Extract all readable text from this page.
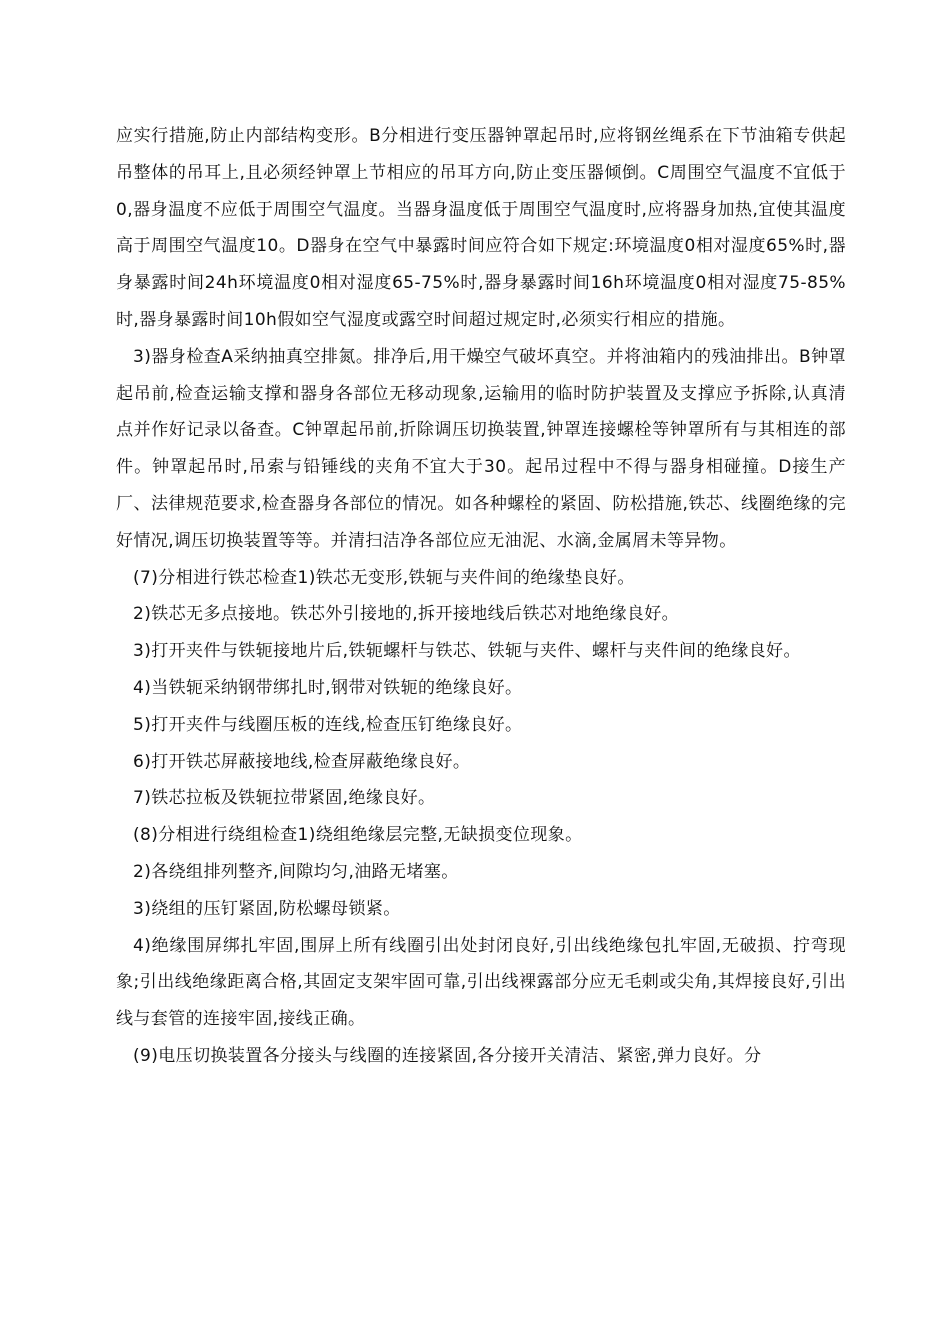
应实行措施,防止内部结构变形。B分相进行变压器钟罩起吊时,应将钢丝绳系在下节油箱专供起吊整体的吊耳上,且必须经钟罩上节相应的吊耳方向,防止变压器倾倒。C周围空气温度不宜低于0,器身温度不应低于周围空气温度。当器身温度低于周围空气温度时,应将器身加热,宜使其温度高于周围空气温度10。D器身在空气中暴露时间应符合如下规定:环境温度0相对湿度65%时,器身暴露时间24h环境温度0相对湿度65-75%时,器身暴露时间16h环境温度0相对湿度75-85%时,器身暴露时间10h假如空气湿度或露空时间超过规定时,必须实行相应的措施。

3)器身检查A采纳抽真空排氮。排净后,用干燥空气破坏真空。并将油箱内的残油排出。B钟罩起吊前,检查运输支撑和器身各部位无移动现象,运输用的临时防护装置及支撑应予拆除,认真清点并作好记录以备查。C钟罩起吊前,折除调压切换装置,钟罩连接螺栓等钟罩所有与其相连的部件。钟罩起吊时,吊索与铅锤线的夹角不宜大于30。起吊过程中不得与器身相碰撞。D接生产厂、法律规范要求,检查器身各部位的情况。如各种螺栓的紧固、防松措施,铁芯、线圈绝缘的完好情况,调压切换装置等等。并清扫洁净各部位应无油泥、水滴,金属屑未等异物。

(7)分相进行铁芯检查1)铁芯无变形,铁轭与夹件间的绝缘垫良好。

2)铁芯无多点接地。铁芯外引接地的,拆开接地线后铁芯对地绝缘良好。

3)打开夹件与铁轭接地片后,铁轭螺杆与铁芯、铁轭与夹件、螺杆与夹件间的绝缘良好。

4)当铁轭采纳钢带绑扎时,钢带对铁轭的绝缘良好。

5)打开夹件与线圈压板的连线,检查压钉绝缘良好。

6)打开铁芯屏蔽接地线,检查屏蔽绝缘良好。

7)铁芯拉板及铁轭拉带紧固,绝缘良好。

(8)分相进行绕组检查1)绕组绝缘层完整,无缺损变位现象。

2)各绕组排列整齐,间隙均匀,油路无堵塞。

3)绕组的压钉紧固,防松螺母锁紧。

4)绝缘围屏绑扎牢固,围屏上所有线圈引出处封闭良好,引出线绝缘包扎牢固,无破损、拧弯现象;引出线绝缘距离合格,其固定支架牢固可靠,引出线裸露部分应无毛刺或尖角,其焊接良好,引出线与套管的连接牢固,接线正确。

(9)电压切换装置各分接头与线圈的连接紧固,各分接开关清洁、紧密,弹力良好。分
